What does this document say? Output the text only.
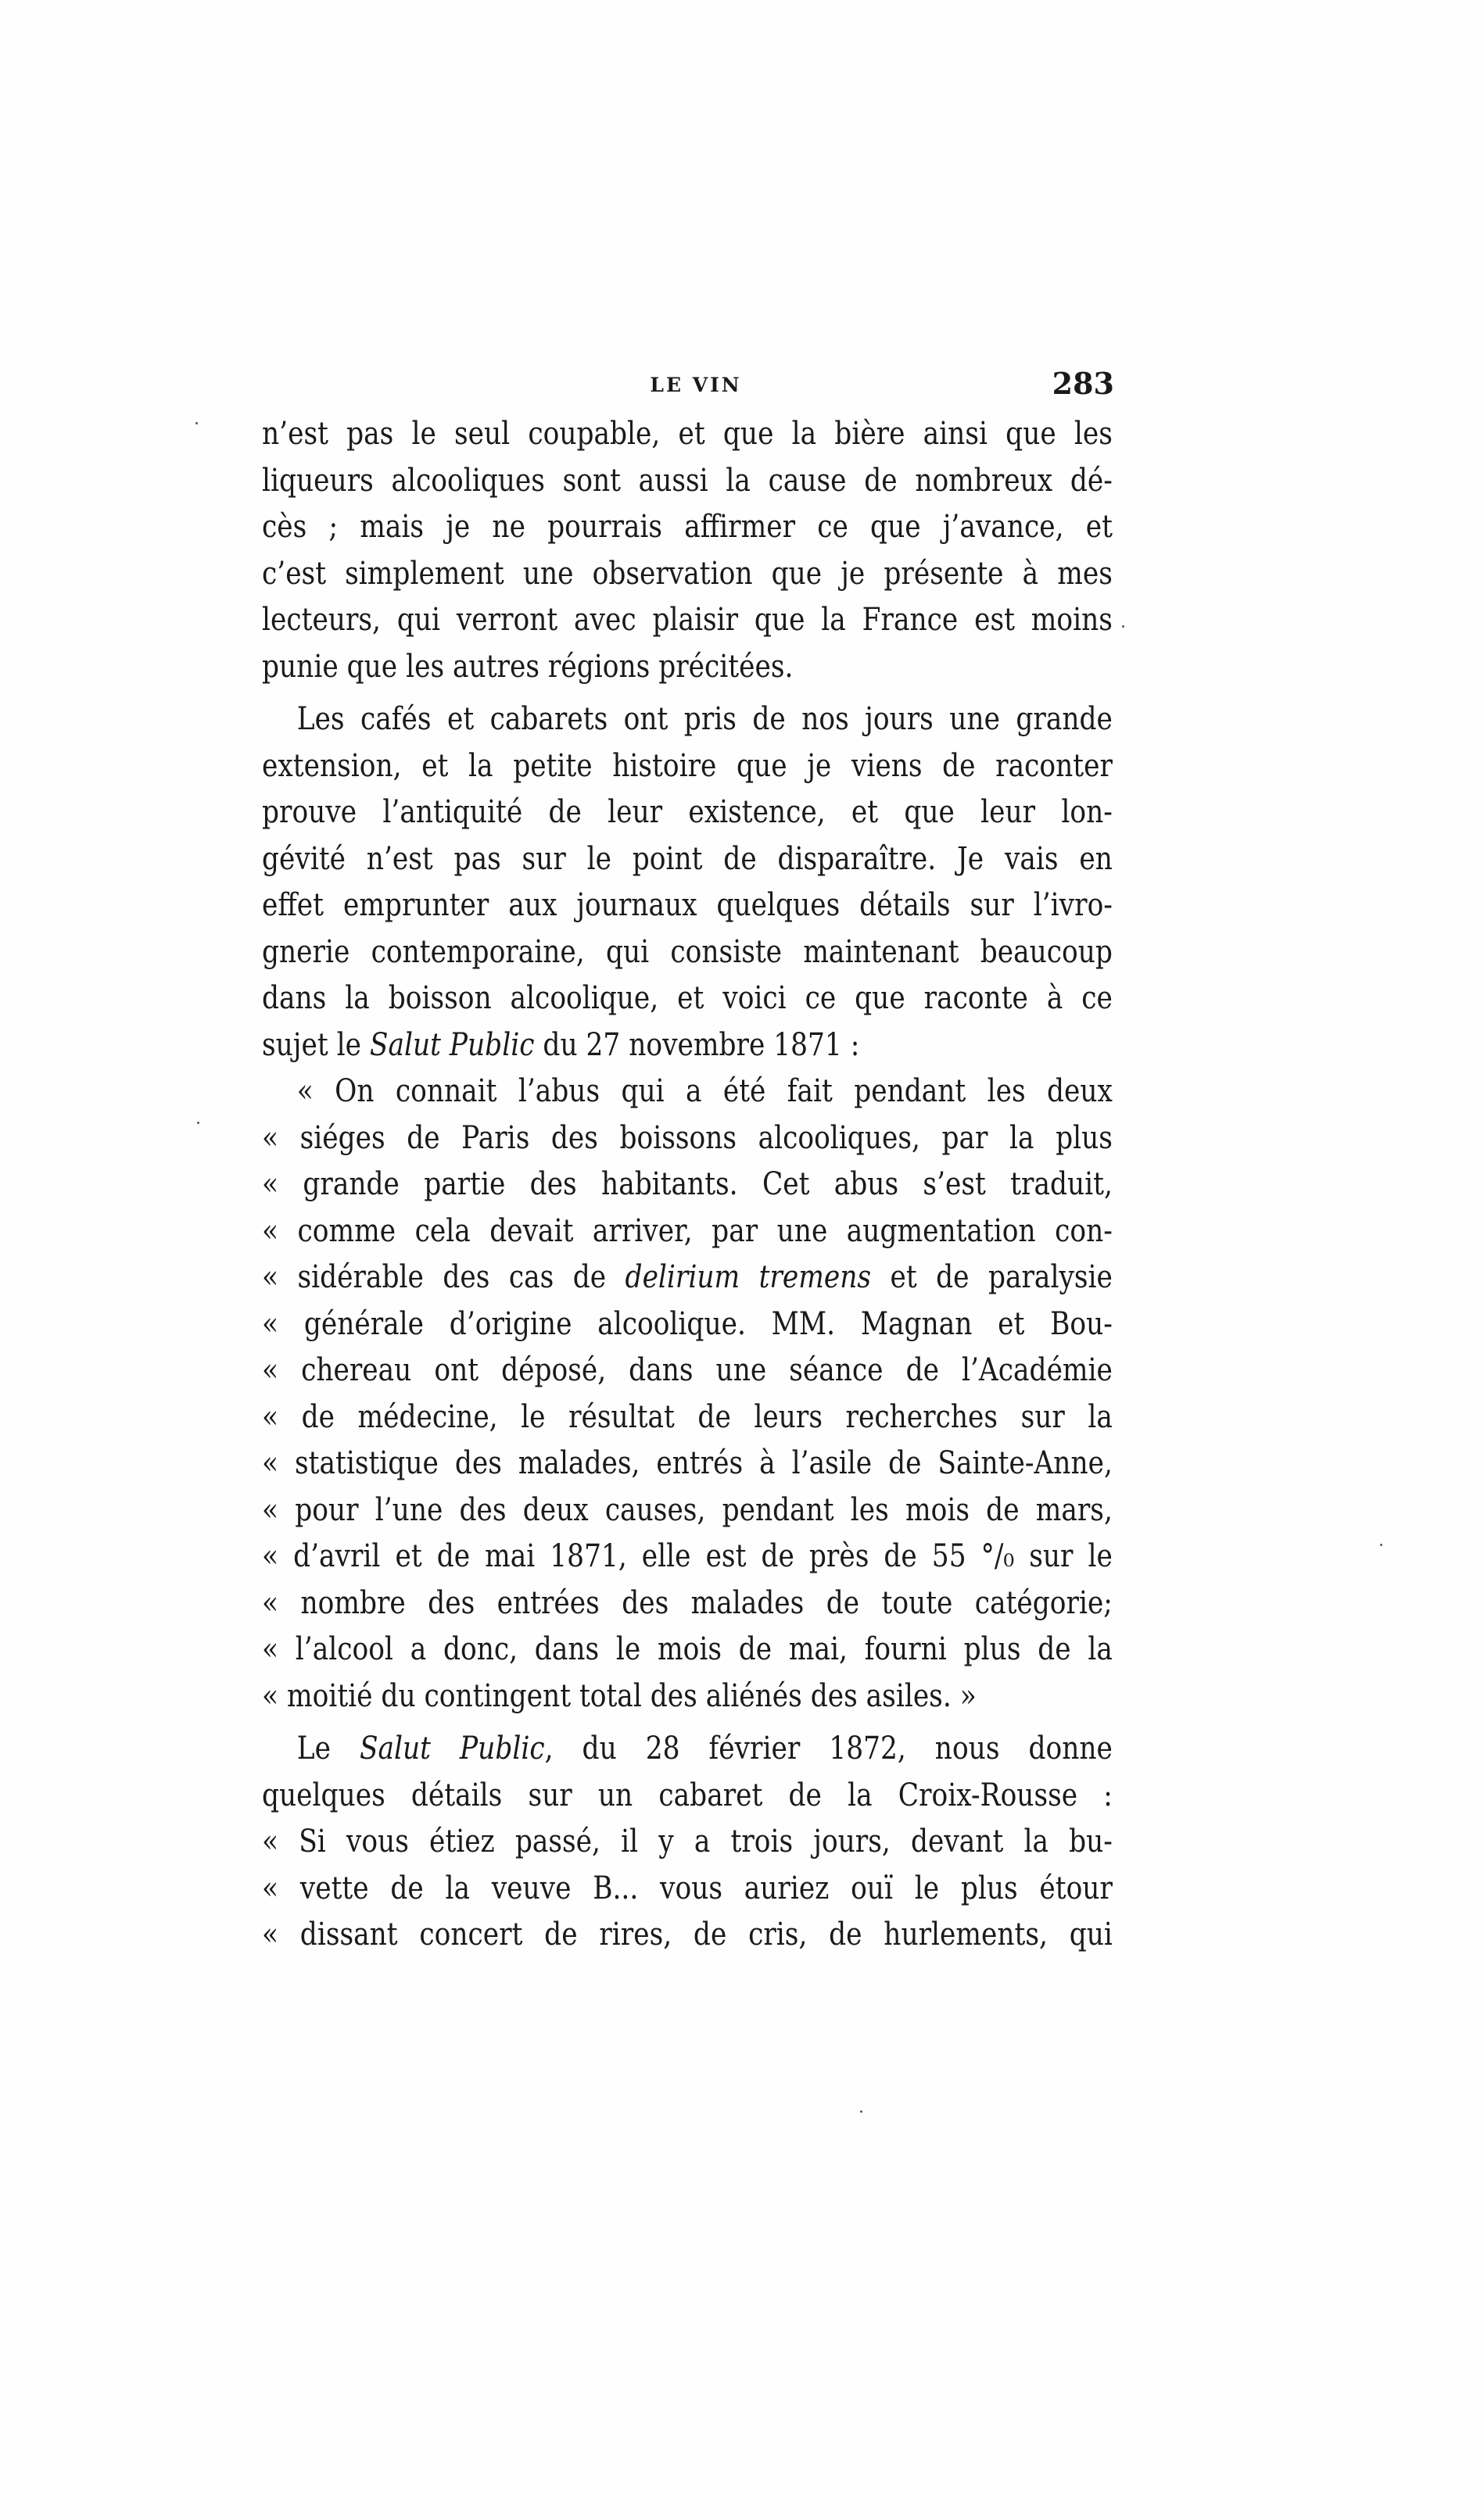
LE VIN	283
n’est pas le seul coupable, et que la bière ainsi que les
liqueurs alcooliques sont aussi la cause de nombreux dé-
cès ; mais je ne pourrais affirmer ce que j’avance, et
c’est simplement une observation que je présente à mes
lecteurs, qui verront avec plaisir que la France est moins
punie que les autres régions précitées.
Les cafés et cabarets ont pris de nos jours une grande
extension, et la petite histoire que je viens de raconter
prouve l’antiquité de leur existence, et que leur lon-
gévité n’est pas sur le point de disparaître. Je vais en
effet emprunter aux journaux quelques détails sur l’ivro-
gnerie contemporaine, qui consiste maintenant beaucoup
dans la boisson alcoolique, et voici ce que raconte à ce
sujet le Salut Public du 27 novembre 1871 :
« On connait l’abus qui a été fait pendant les deux
« siéges de Paris des boissons alcooliques, par la plus
« grande partie des habitants. Cet abus s’est traduit,
« comme cela devait arriver, par une augmentation con-
« sidérable des cas de delirium tremens et de paralysie
« générale d’origine alcoolique. MM. Magnan et Bou-
« chereau ont déposé, dans une séance de l’Académie
« de médecine, le résultat de leurs recherches sur la
« statistique des malades, entrés à l’asile de Sainte-Anne,
« pour l’une des deux causes, pendant les mois de mars,
« d’avril et de mai 1871, elle est de près de 55 °/₀ sur le
« nombre des entrées des malades de toute catégorie;
« l’alcool a donc, dans le mois de mai, fourni plus de la
« moitié du contingent total des aliénés des asiles. »
Le Salut Public, du 28 février 1872, nous donne
quelques détails sur un cabaret de la Croix-Rousse :
« Si vous étiez passé, il y a trois jours, devant la bu-
« vette de la veuve B... vous auriez ouï le plus étour
« dissant concert de rires, de cris, de hurlements, qui
